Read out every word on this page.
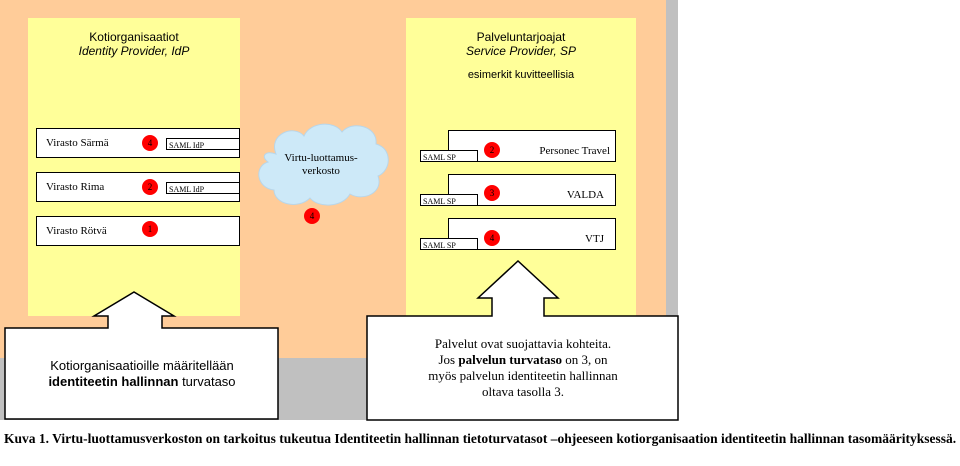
Kotiorganisaatiot
Identity Provider, IdP
Palveluntarjoajat
Service Provider, SP
esimerkit kuvitteellisia
Virasto Särmä	4	SAML IdP
Virasto Rima	2	SAML IdP
Virasto Rötvä	1
SAML SP
2	Personec Travel
SAML SP
3	VALDA
SAML SP
4	VTJ
Virtu-luottamus-
verkosto
4
Kotiorganisaatioille määritellään
identiteetin hallinnan turvataso
Palvelut ovat suojattavia kohteita.
Jos palvelun turvataso on 3, on
myös palvelun identiteetin hallinnan
oltava tasolla 3.
Kuva 1. Virtu-luottamusverkoston on tarkoitus tukeutua Identiteetin hallinnan tietoturvatasot –ohjeeseen kotiorganisaation identiteetin hallinnan tasomäärityksessä.
